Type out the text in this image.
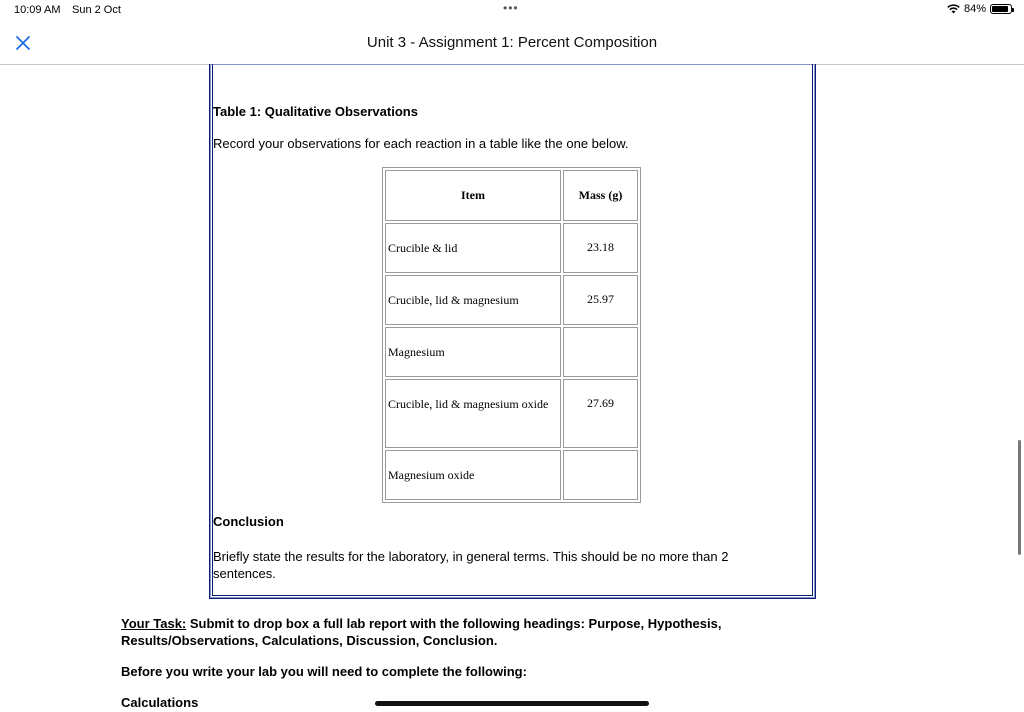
10:09 AM Sun 2 Oct	•••	84%
Unit 3 - Assignment 1: Percent Composition
Table 1: Qualitative Observations
Record your observations for each reaction in a table like the one below.
Item	Mass (g)
Crucible & lid	23.18
Crucible, lid & magnesium	25.97
Magnesium	
Crucible, lid & magnesium oxide	27.69
Magnesium oxide	
Conclusion
Briefly state the results for the laboratory, in general terms. This should be no more than 2 sentences.
Your Task: Submit to drop box a full lab report with the following headings: Purpose, Hypothesis, Results/Observations, Calculations, Discussion, Conclusion.
Before you write your lab you will need to complete the following:
Calculations
